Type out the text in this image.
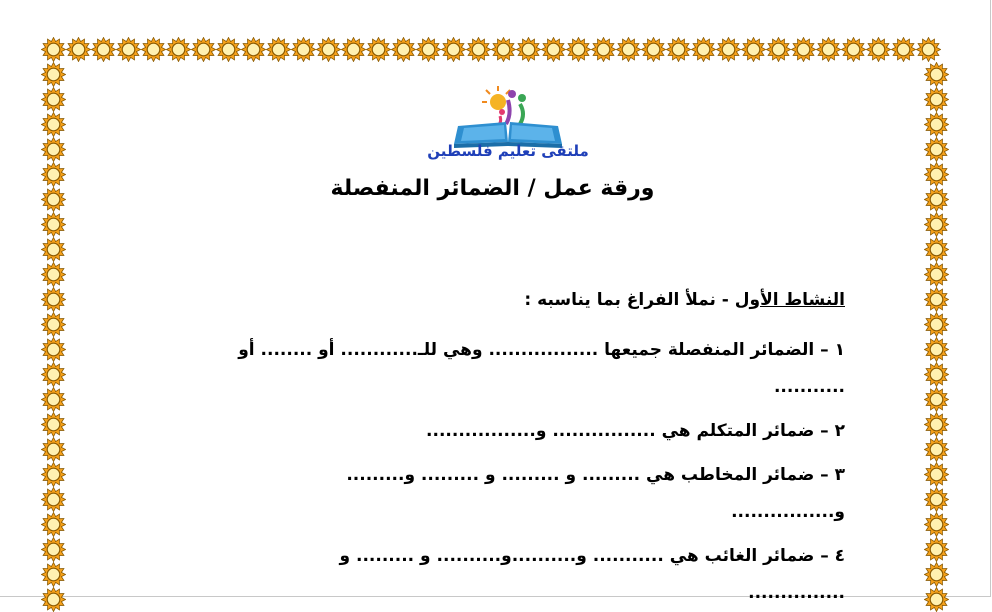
ملتقى تعليم فلسطين
ورقة عمل / الضمائر المنفصلة
النشاط الأول - نملأ الفراغ بما يناسبه :
١ – الضمائر المنفصلة جميعها ................. وهي للـ............ أو ........ أو
...........
٢ – ضمائر المتكلم هي ................ و.................
٣ – ضمائر المخاطب هي ......... و ......... و ......... و.........
و................
٤ – ضمائر الغائب هي ........... و..........و.......... و ......... و
...............
